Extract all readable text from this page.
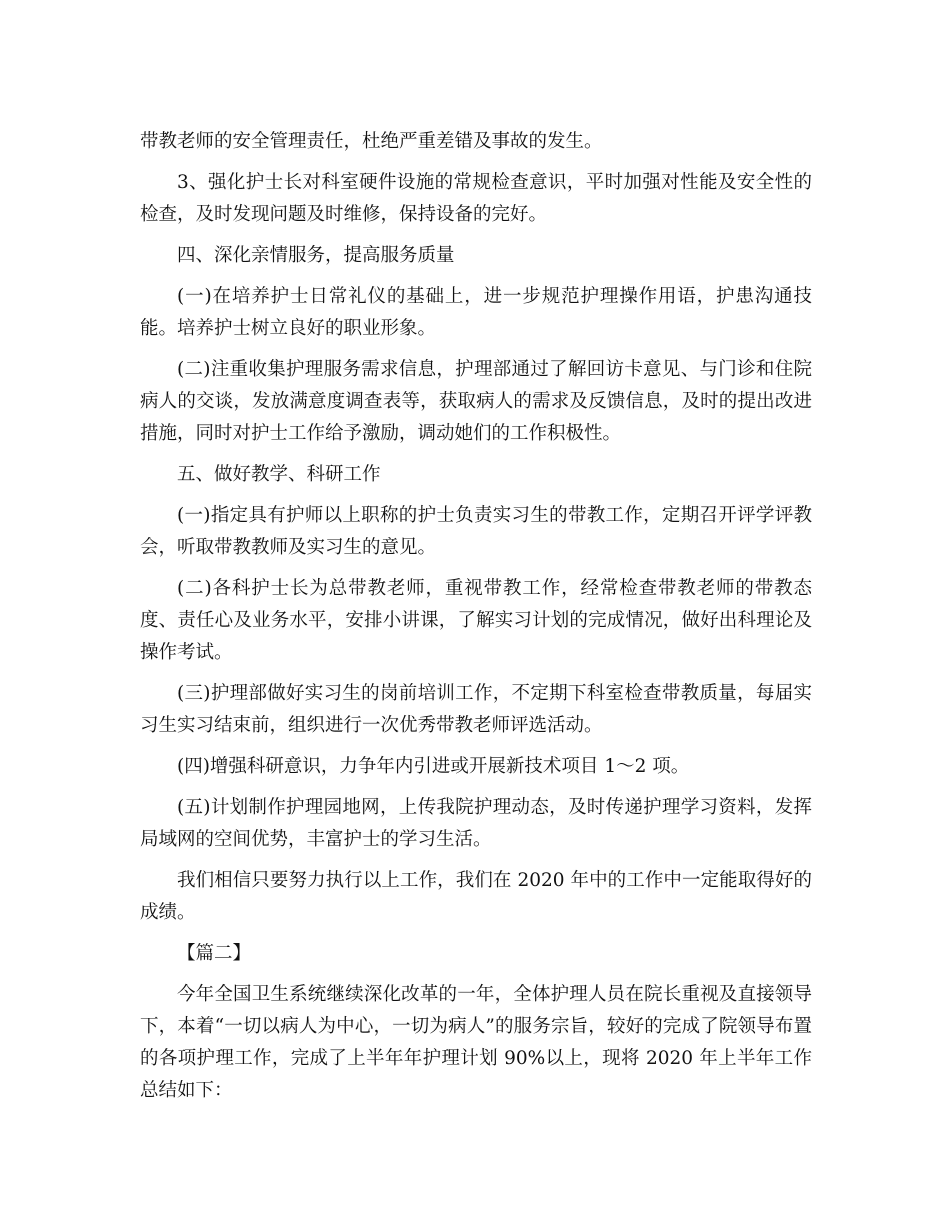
带教老师的安全管理责任，杜绝严重差错及事故的发生。

3、强化护士长对科室硬件设施的常规检查意识，平时加强对性能及安全性的检查，及时发现问题及时维修，保持设备的完好。

四、深化亲情服务，提高服务质量

(一)在培养护士日常礼仪的基础上，进一步规范护理操作用语，护患沟通技能。培养护士树立良好的职业形象。

(二)注重收集护理服务需求信息，护理部通过了解回访卡意见、与门诊和住院病人的交谈，发放满意度调查表等，获取病人的需求及反馈信息，及时的提出改进措施，同时对护士工作给予激励，调动她们的工作积极性。

五、做好教学、科研工作

(一)指定具有护师以上职称的护士负责实习生的带教工作，定期召开评学评教会，听取带教教师及实习生的意见。

(二)各科护士长为总带教老师，重视带教工作，经常检查带教老师的带教态度、责任心及业务水平，安排小讲课，了解实习计划的完成情况，做好出科理论及操作考试。

(三)护理部做好实习生的岗前培训工作，不定期下科室检查带教质量，每届实习生实习结束前，组织进行一次优秀带教老师评选活动。

(四)增强科研意识，力争年内引进或开展新技术项目 1～2 项。

(五)计划制作护理园地网，上传我院护理动态，及时传递护理学习资料，发挥局域网的空间优势，丰富护士的学习生活。

我们相信只要努力执行以上工作，我们在 2020 年中的工作中一定能取得好的成绩。

【篇二】

今年全国卫生系统继续深化改革的一年，全体护理人员在院长重视及直接领导下，本着“一切以病人为中心，一切为病人”的服务宗旨，较好的完成了院领导布置的各项护理工作，完成了上半年年护理计划 90%以上，现将 2020 年上半年工作总结如下：
